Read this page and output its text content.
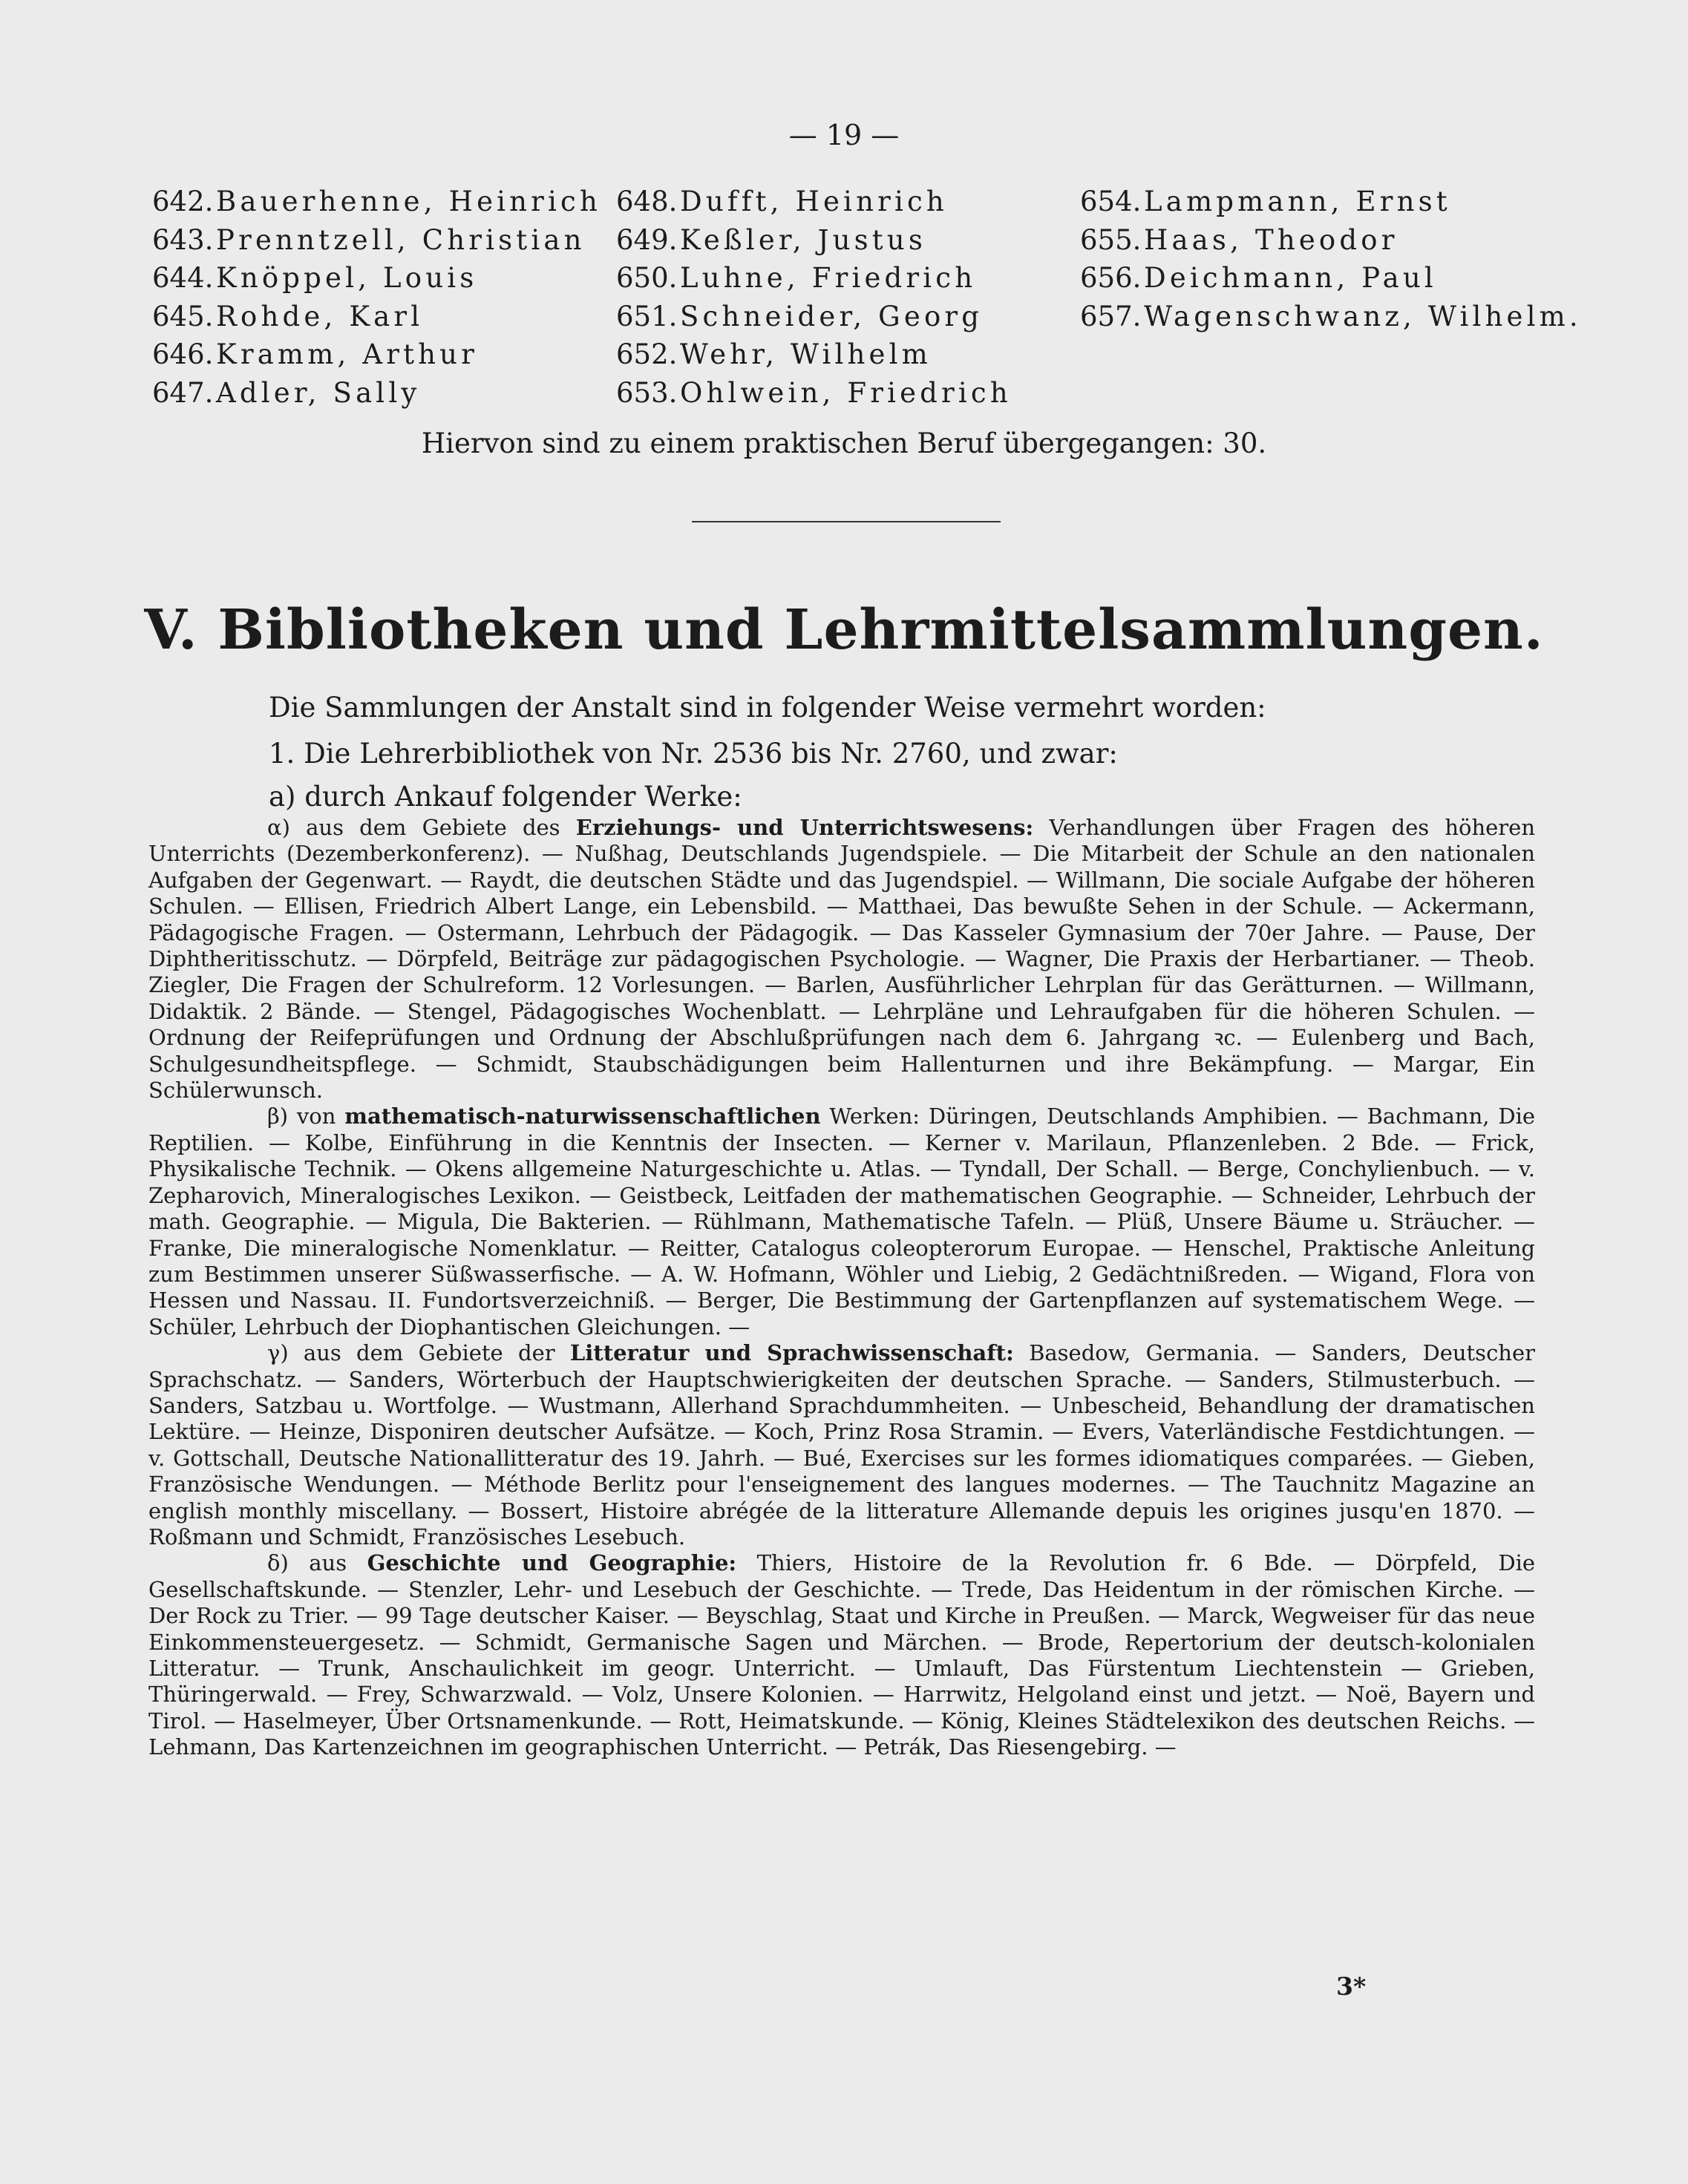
— 19 —
642.Bauerhenne, Heinrich
643.Prenntzell, Christian
644.Knöppel, Louis
645.Rohde, Karl
646.Kramm, Arthur
647.Adler, Sally
648.Dufft, Heinrich
649.Keßler, Justus
650.Luhne, Friedrich
651.Schneider, Georg
652.Wehr, Wilhelm
653.Ohlwein, Friedrich
654.Lampmann, Ernst
655.Haas, Theodor
656.Deichmann, Paul
657.Wagenschwanz, Wilhelm.
Hiervon sind zu einem praktischen Beruf übergegangen: 30.
V. Bibliotheken und Lehrmittelsammlungen.
Die Sammlungen der Anstalt sind in folgender Weise vermehrt worden:
1. Die Lehrerbibliothek von Nr. 2536 bis Nr. 2760, und zwar:
a) durch Ankauf folgender Werke:

α) aus dem Gebiete des Erziehungs- und Unterrichtswesens: Verhandlungen über Fragen des höheren Unterrichts (Dezemberkonferenz). — Nußhag, Deutschlands Jugendspiele. — Die Mitarbeit der Schule an den nationalen Aufgaben der Gegenwart. — Raydt, die deutschen Städte und das Jugendspiel. — Willmann, Die sociale Aufgabe der höheren Schulen. — Ellisen, Friedrich Albert Lange, ein Lebensbild. — Matthaei, Das bewußte Sehen in der Schule. — Ackermann, Pädagogische Fragen. — Ostermann, Lehrbuch der Pädagogik. — Das Kasseler Gymnasium der 70er Jahre. — Pause, Der Diphtheritisschutz. — Dörpfeld, Beiträge zur pädagogischen Psychologie. — Wagner, Die Praxis der Herbartianer. — Theob. Ziegler, Die Fragen der Schulreform. 12 Vorlesungen. — Barlen, Ausführlicher Lehrplan für das Gerätturnen. — Willmann, Didaktik. 2 Bände. — Stengel, Pädagogisches Wochenblatt. — Lehrpläne und Lehraufgaben für die höheren Schulen. — Ordnung der Reifeprüfungen und Ordnung der Abschlußprüfungen nach dem 6. Jahrgang ꝛc. — Eulenberg und Bach, Schulgesundheitspflege. — Schmidt, Staubschädigungen beim Hallenturnen und ihre Bekämpfung. — Margar, Ein Schülerwunsch.

β) von mathematisch-naturwissenschaftlichen Werken: Düringen, Deutschlands Amphibien. — Bachmann, Die Reptilien. — Kolbe, Einführung in die Kenntnis der Insecten. — Kerner v. Marilaun, Pflanzenleben. 2 Bde. — Frick, Physikalische Technik. — Okens allgemeine Naturgeschichte u. Atlas. — Tyndall, Der Schall. — Berge, Conchylienbuch. — v. Zepharovich, Mineralogisches Lexikon. — Geistbeck, Leitfaden der mathematischen Geographie. — Schneider, Lehrbuch der math. Geographie. — Migula, Die Bakterien. — Rühlmann, Mathematische Tafeln. — Plüß, Unsere Bäume u. Sträucher. — Franke, Die mineralogische Nomenklatur. — Reitter, Catalogus coleopterorum Europae. — Henschel, Praktische Anleitung zum Bestimmen unserer Süßwasserfische. — A. W. Hofmann, Wöhler und Liebig, 2 Gedächtnißreden. — Wigand, Flora von Hessen und Nassau. II. Fundortsverzeichniß. — Berger, Die Bestimmung der Gartenpflanzen auf systematischem Wege. — Schüler, Lehrbuch der Diophantischen Gleichungen. —

γ) aus dem Gebiete der Litteratur und Sprachwissenschaft: Basedow, Germania. — Sanders, Deutscher Sprachschatz. — Sanders, Wörterbuch der Hauptschwierigkeiten der deutschen Sprache. — Sanders, Stilmusterbuch. — Sanders, Satzbau u. Wortfolge. — Wustmann, Allerhand Sprachdummheiten. — Unbescheid, Behandlung der dramatischen Lektüre. — Heinze, Disponiren deutscher Aufsätze. — Koch, Prinz Rosa Stramin. — Evers, Vaterländische Festdichtungen. — v. Gottschall, Deutsche Nationallitteratur des 19. Jahrh. — Bué, Exercises sur les formes idiomatiques comparées. — Gieben, Französische Wendungen. — Méthode Berlitz pour l'enseignement des langues modernes. — The Tauchnitz Magazine an english monthly miscellany. — Bossert, Histoire abrégée de la litterature Allemande depuis les origines jusqu'en 1870. — Roßmann und Schmidt, Französisches Lesebuch.

δ) aus Geschichte und Geographie: Thiers, Histoire de la Revolution fr. 6 Bde. — Dörpfeld, Die Gesellschaftskunde. — Stenzler, Lehr- und Lesebuch der Geschichte. — Trede, Das Heidentum in der römischen Kirche. — Der Rock zu Trier. — 99 Tage deutscher Kaiser. — Beyschlag, Staat und Kirche in Preußen. — Marck, Wegweiser für das neue Einkommensteuergesetz. — Schmidt, Germanische Sagen und Märchen. — Brode, Repertorium der deutsch-kolonialen Litteratur. — Trunk, Anschaulichkeit im geogr. Unterricht. — Umlauft, Das Fürstentum Liechtenstein — Grieben, Thüringerwald. — Frey, Schwarzwald. — Volz, Unsere Kolonien. — Harrwitz, Helgoland einst und jetzt. — Noë, Bayern und Tirol. — Haselmeyer, Über Ortsnamenkunde. — Rott, Heimatskunde. — König, Kleines Städtelexikon des deutschen Reichs. — Lehmann, Das Kartenzeichnen im geographischen Unterricht. — Petrák, Das Riesengebirg. —

3*
